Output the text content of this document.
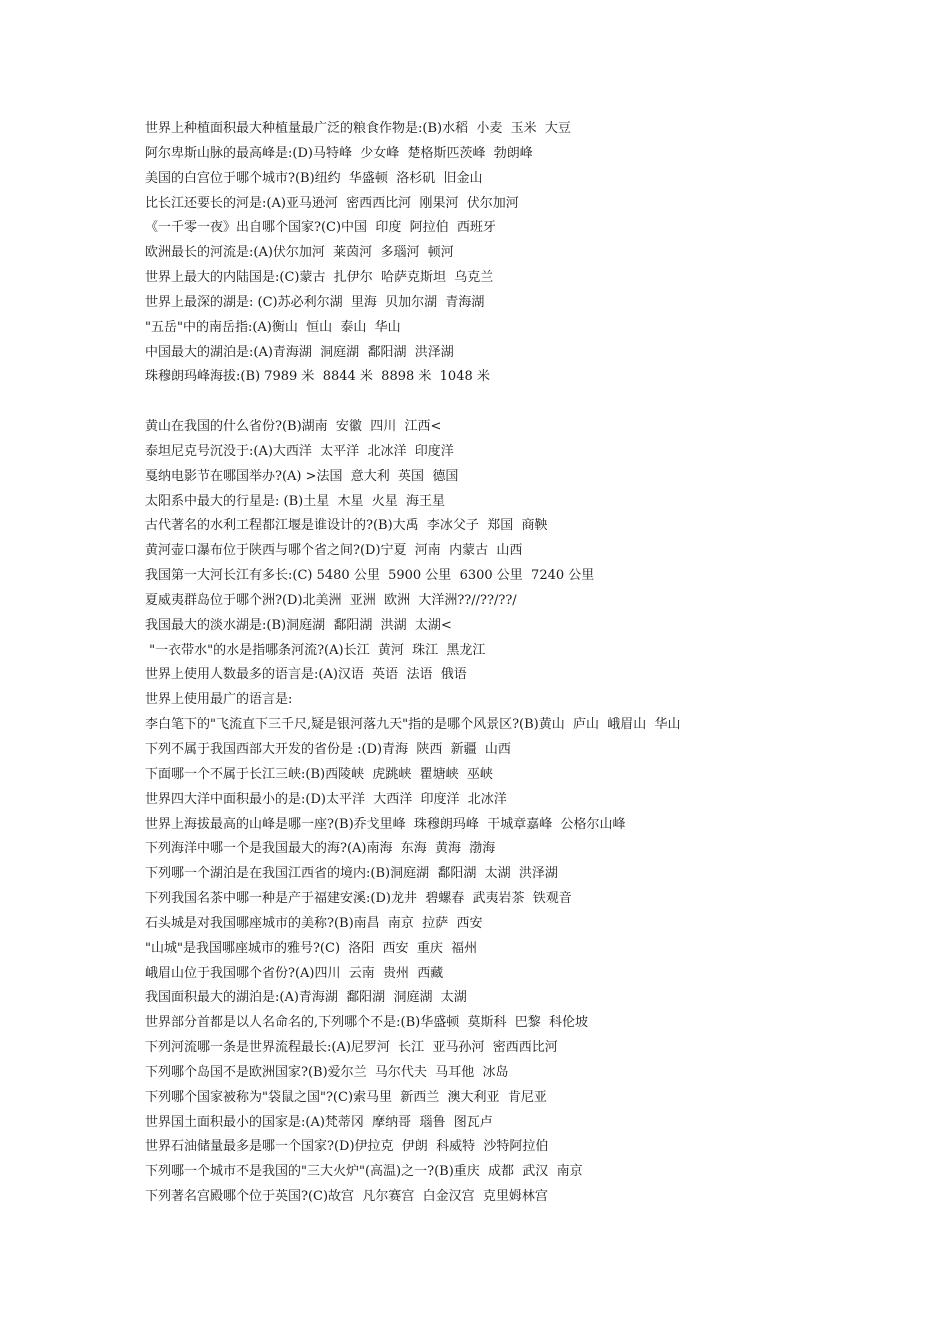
世界上种植面积最大种植量最广泛的粮食作物是:(B)水稻  小麦  玉米  大豆
阿尔卑斯山脉的最高峰是:(D)马特峰  少女峰  楚格斯匹茨峰  勃朗峰
美国的白宫位于哪个城市?(B)纽约  华盛顿  洛杉矶  旧金山
比长江还要长的河是:(A)亚马逊河  密西西比河  刚果河  伏尔加河
《一千零一夜》出自哪个国家?(C)中国  印度  阿拉伯  西班牙
欧洲最长的河流是:(A)伏尔加河  莱茵河  多瑙河  顿河
世界上最大的内陆国是:(C)蒙古  扎伊尔  哈萨克斯坦  乌克兰
世界上最深的湖是: (C)苏必利尔湖  里海  贝加尔湖  青海湖
"五岳"中的南岳指:(A)衡山  恒山  泰山  华山
中国最大的湖泊是:(A)青海湖  洞庭湖  鄱阳湖  洪泽湖
珠穆朗玛峰海拔:(B) 7989 米  8844 米  8898 米  1048 米
黄山在我国的什么省份?(B)湖南  安徽  四川  江西<
泰坦尼克号沉没于:(A)大西洋  太平洋  北冰洋  印度洋
戛纳电影节在哪国举办?(A) >法国  意大利  英国  德国
太阳系中最大的行星是: (B)土星  木星  火星  海王星
古代著名的水利工程都江堰是谁设计的?(B)大禹  李冰父子  郑国  商鞅
黄河壶口瀑布位于陕西与哪个省之间?(D)宁夏  河南  内蒙古  山西
我国第一大河长江有多长:(C) 5480 公里  5900 公里  6300 公里  7240 公里
夏威夷群岛位于哪个洲?(D)北美洲  亚洲  欧洲  大洋洲??//??/??/
我国最大的淡水湖是:(B)洞庭湖  鄱阳湖  洪湖  太湖<
"一衣带水"的水是指哪条河流?(A)长江  黄河  珠江  黑龙江
世界上使用人数最多的语言是:(A)汉语  英语  法语  俄语
世界上使用最广的语言是:
李白笔下的"飞流直下三千尺,疑是银河落九天"指的是哪个风景区?(B)黄山  庐山  峨眉山  华山
下列不属于我国西部大开发的省份是 :(D)青海  陕西  新疆  山西
下面哪一个不属于长江三峡:(B)西陵峡  虎跳峡  瞿塘峡  巫峡
世界四大洋中面积最小的是:(D)太平洋  大西洋  印度洋  北冰洋
世界上海拔最高的山峰是哪一座?(B)乔戈里峰  珠穆朗玛峰  干城章嘉峰  公格尔山峰
下列海洋中哪一个是我国最大的海?(A)南海  东海  黄海  渤海
下列哪一个湖泊是在我国江西省的境内:(B)洞庭湖  鄱阳湖  太湖  洪泽湖
下列我国名茶中哪一种是产于福建安溪:(D)龙井  碧螺春  武夷岩茶  铁观音
石头城是对我国哪座城市的美称?(B)南昌  南京  拉萨  西安
"山城"是我国哪座城市的雅号?(C)  洛阳  西安  重庆  福州
峨眉山位于我国哪个省份?(A)四川  云南  贵州  西藏
我国面积最大的湖泊是:(A)青海湖  鄱阳湖  洞庭湖  太湖
世界部分首都是以人名命名的,下列哪个不是:(B)华盛顿  莫斯科  巴黎  科伦坡
下列河流哪一条是世界流程最长:(A)尼罗河  长江  亚马孙河  密西西比河
下列哪个岛国不是欧洲国家?(B)爱尔兰  马尔代夫  马耳他  冰岛
下列哪个国家被称为"袋鼠之国"?(C)索马里  新西兰  澳大利亚  肯尼亚
世界国土面积最小的国家是:(A)梵蒂冈  摩纳哥  瑙鲁  图瓦卢
世界石油储量最多是哪一个国家?(D)伊拉克  伊朗  科威特  沙特阿拉伯
下列哪一个城市不是我国的"三大火炉"(高温)之一?(B)重庆  成都  武汉  南京
下列著名宫殿哪个位于英国?(C)故宫  凡尔赛宫  白金汉宫  克里姆林宫
